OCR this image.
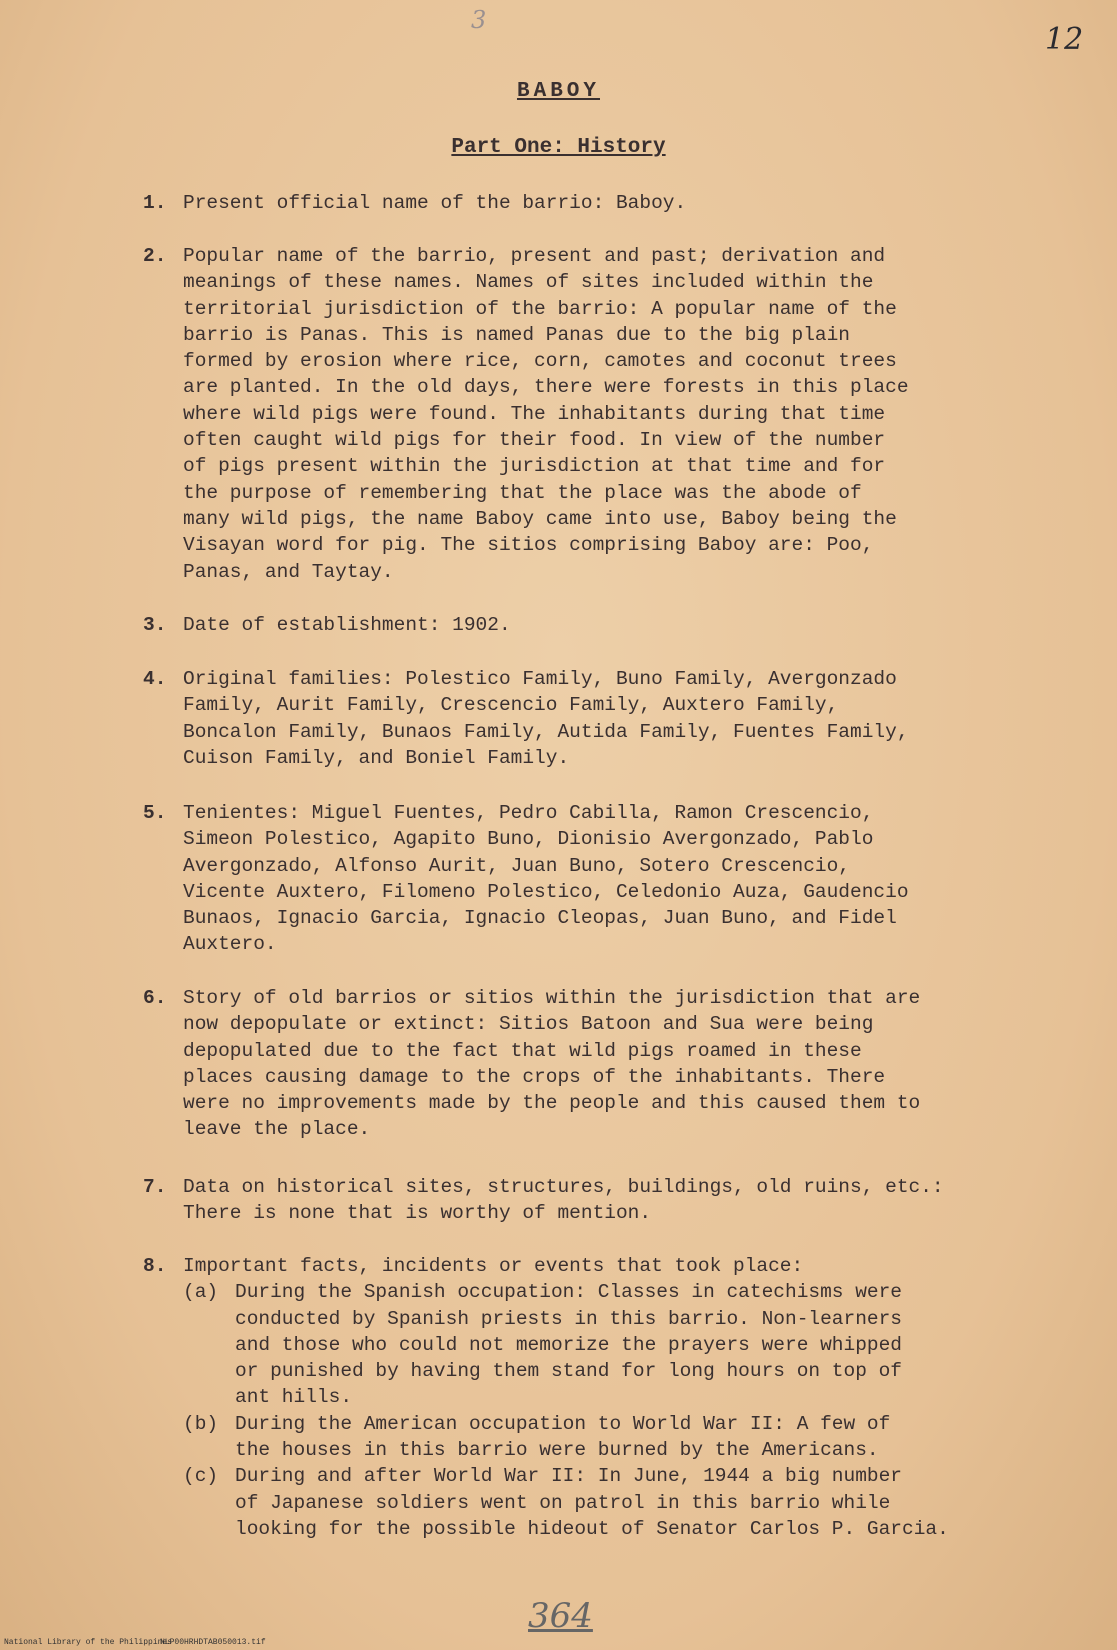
3
12
BABOY
Part One: History
1. Present official name of the barrio: Baboy.
2. Popular name of the barrio, present and past; derivation and
meanings of these names. Names of sites included within the
territorial jurisdiction of the barrio: A popular name of the
barrio is Panas. This is named Panas due to the big plain
formed by erosion where rice, corn, camotes and coconut trees
are planted. In the old days, there were forests in this place
where wild pigs were found. The inhabitants during that time
often caught wild pigs for their food. In view of the number
of pigs present within the jurisdiction at that time and for
the purpose of remembering that the place was the abode of
many wild pigs, the name Baboy came into use, Baboy being the
Visayan word for pig. The sitios comprising Baboy are: Poo,
Panas, and Taytay.
3. Date of establishment: 1902.
4. Original families: Polestico Family, Buno Family, Avergonzado
Family, Aurit Family, Crescencio Family, Auxtero Family,
Boncalon Family, Bunaos Family, Autida Family, Fuentes Family,
Cuison Family, and Boniel Family.
5. Tenientes: Miguel Fuentes, Pedro Cabilla, Ramon Crescencio,
Simeon Polestico, Agapito Buno, Dionisio Avergonzado, Pablo
Avergonzado, Alfonso Aurit, Juan Buno, Sotero Crescencio,
Vicente Auxtero, Filomeno Polestico, Celedonio Auza, Gaudencio
Bunaos, Ignacio Garcia, Ignacio Cleopas, Juan Buno, and Fidel
Auxtero.
6. Story of old barrios or sitios within the jurisdiction that are
now depopulate or extinct: Sitios Batoon and Sua were being
depopulated due to the fact that wild pigs roamed in these
places causing damage to the crops of the inhabitants. There
were no improvements made by the people and this caused them to
leave the place.
7. Data on historical sites, structures, buildings, old ruins, etc.:
There is none that is worthy of mention.
8. Important facts, incidents or events that took place:
(a) During the Spanish occupation: Classes in catechisms were
conducted by Spanish priests in this barrio. Non-learners
and those who could not memorize the prayers were whipped
or punished by having them stand for long hours on top of
ant hills.
(b) During the American occupation to World War II: A few of
the houses in this barrio were burned by the Americans.
(c) During and after World War II: In June, 1944 a big number
of Japanese soldiers went on patrol in this barrio while
looking for the possible hideout of Senator Carlos P. Garcia.
364
National Library of the Philippines
NLP00HRHDTAB050013.tif
